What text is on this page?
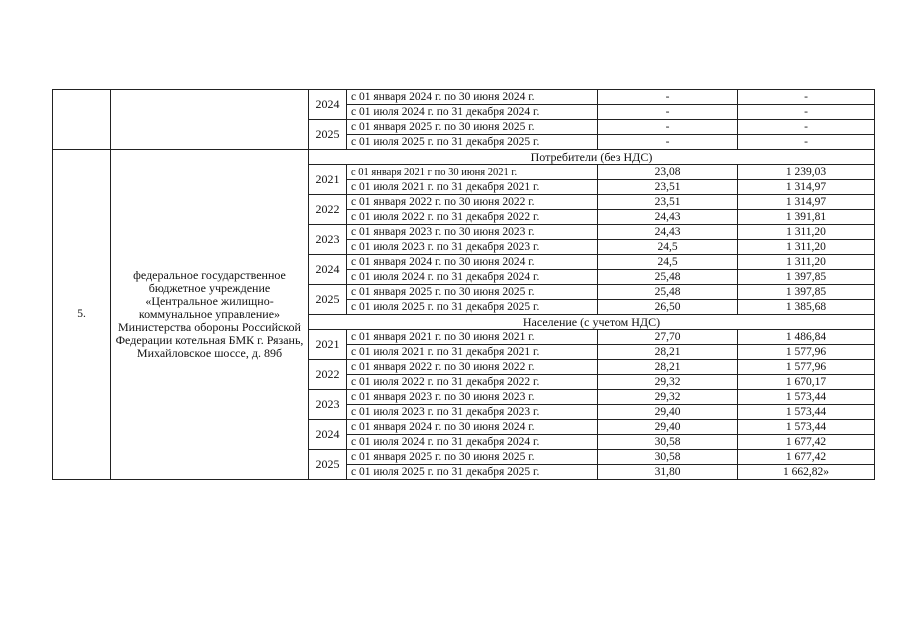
		2024	с 01 января 2024 г. по 30 июня 2024 г.	-	-
			с 01 июля 2024 г. по 31 декабря 2024 г.	-	-
		2025	с 01 января 2025 г. по 30 июня 2025 г.	-	-
			с 01 июля 2025 г. по 31 декабря 2025 г.	-	-
5.	федеральное государственное бюджетное учреждение «Центральное жилищно-коммунальное управление» Министерства обороны Российской Федерации котельная БМК г. Рязань, Михайловское шоссе, д. 89б	Потребители (без НДС)			
		2021	с 01 января 2021 г по 30 июня 2021 г.	23,08	1 239,03
			с 01 июля 2021 г. по 31 декабря 2021 г.	23,51	1 314,97
		2022	с 01 января 2022 г. по 30 июня 2022 г.	23,51	1 314,97
			с 01 июля 2022 г. по 31 декабря 2022 г.	24,43	1 391,81
		2023	с 01 января 2023 г. по 30 июня 2023 г.	24,43	1 311,20
			с 01 июля 2023 г. по 31 декабря 2023 г.	24,5	1 311,20
		2024	с 01 января 2024 г. по 30 июня 2024 г.	24,5	1 311,20
			с 01 июля 2024 г. по 31 декабря 2024 г.	25,48	1 397,85
		2025	с 01 января 2025 г. по 30 июня 2025 г.	25,48	1 397,85
			с 01 июля 2025 г. по 31 декабря 2025 г.	26,50	1 385,68
		Население (с учетом НДС)			
		2021	с 01 января 2021 г. по 30 июня 2021 г.	27,70	1 486,84
			с 01 июля 2021 г. по 31 декабря 2021 г.	28,21	1 577,96
		2022	с 01 января 2022 г. по 30 июня 2022 г.	28,21	1 577,96
			с 01 июля 2022 г. по 31 декабря 2022 г.	29,32	1 670,17
		2023	с 01 января 2023 г. по 30 июня 2023 г.	29,32	1 573,44
			с 01 июля 2023 г. по 31 декабря 2023 г.	29,40	1 573,44
		2024	с 01 января 2024 г. по 30 июня 2024 г.	29,40	1 573,44
			с 01 июля 2024 г. по 31 декабря 2024 г.	30,58	1 677,42
		2025	с 01 января 2025 г. по 30 июня 2025 г.	30,58	1 677,42
			с 01 июля 2025 г. по 31 декабря 2025 г.	31,80	1 662,82»
